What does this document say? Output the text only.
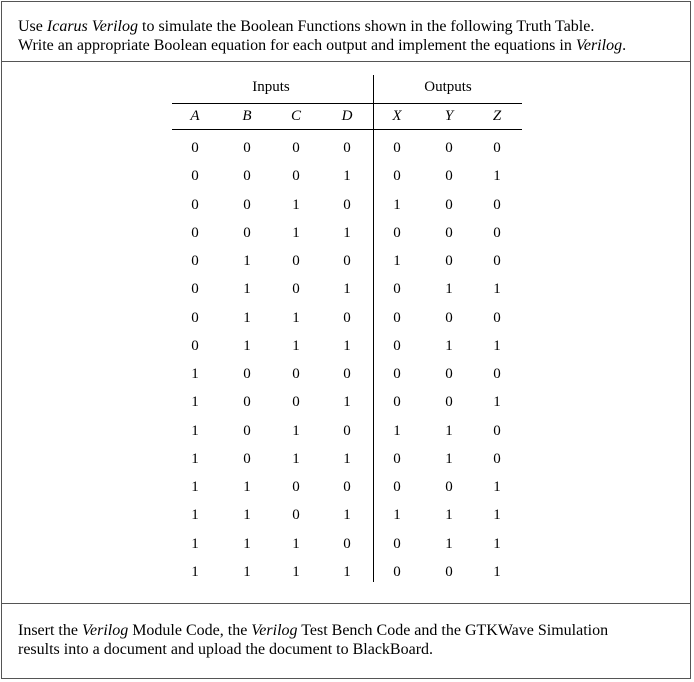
Use Icarus Verilog to simulate the Boolean Functions shown in the following Truth Table.

Write an appropriate Boolean equation for each output and implement the equations in Verilog.

Inputs	Outputs
A	B	C	D	X	Y	Z
0	0	0	0	0	0	0
0	0	0	1	0	0	1
0	0	1	0	1	0	0
0	0	1	1	0	0	0
0	1	0	0	1	0	0
0	1	0	1	0	1	1
0	1	1	0	0	0	0
0	1	1	1	0	1	1
1	0	0	0	0	0	0
1	0	0	1	0	0	1
1	0	1	0	1	1	0
1	0	1	1	0	1	0
1	1	0	0	0	0	1
1	1	0	1	1	1	1
1	1	1	0	0	1	1
1	1	1	1	0	0	1

Insert the Verilog Module Code, the Verilog Test Bench Code and the GTKWave Simulation

results into a document and upload the document to BlackBoard.
